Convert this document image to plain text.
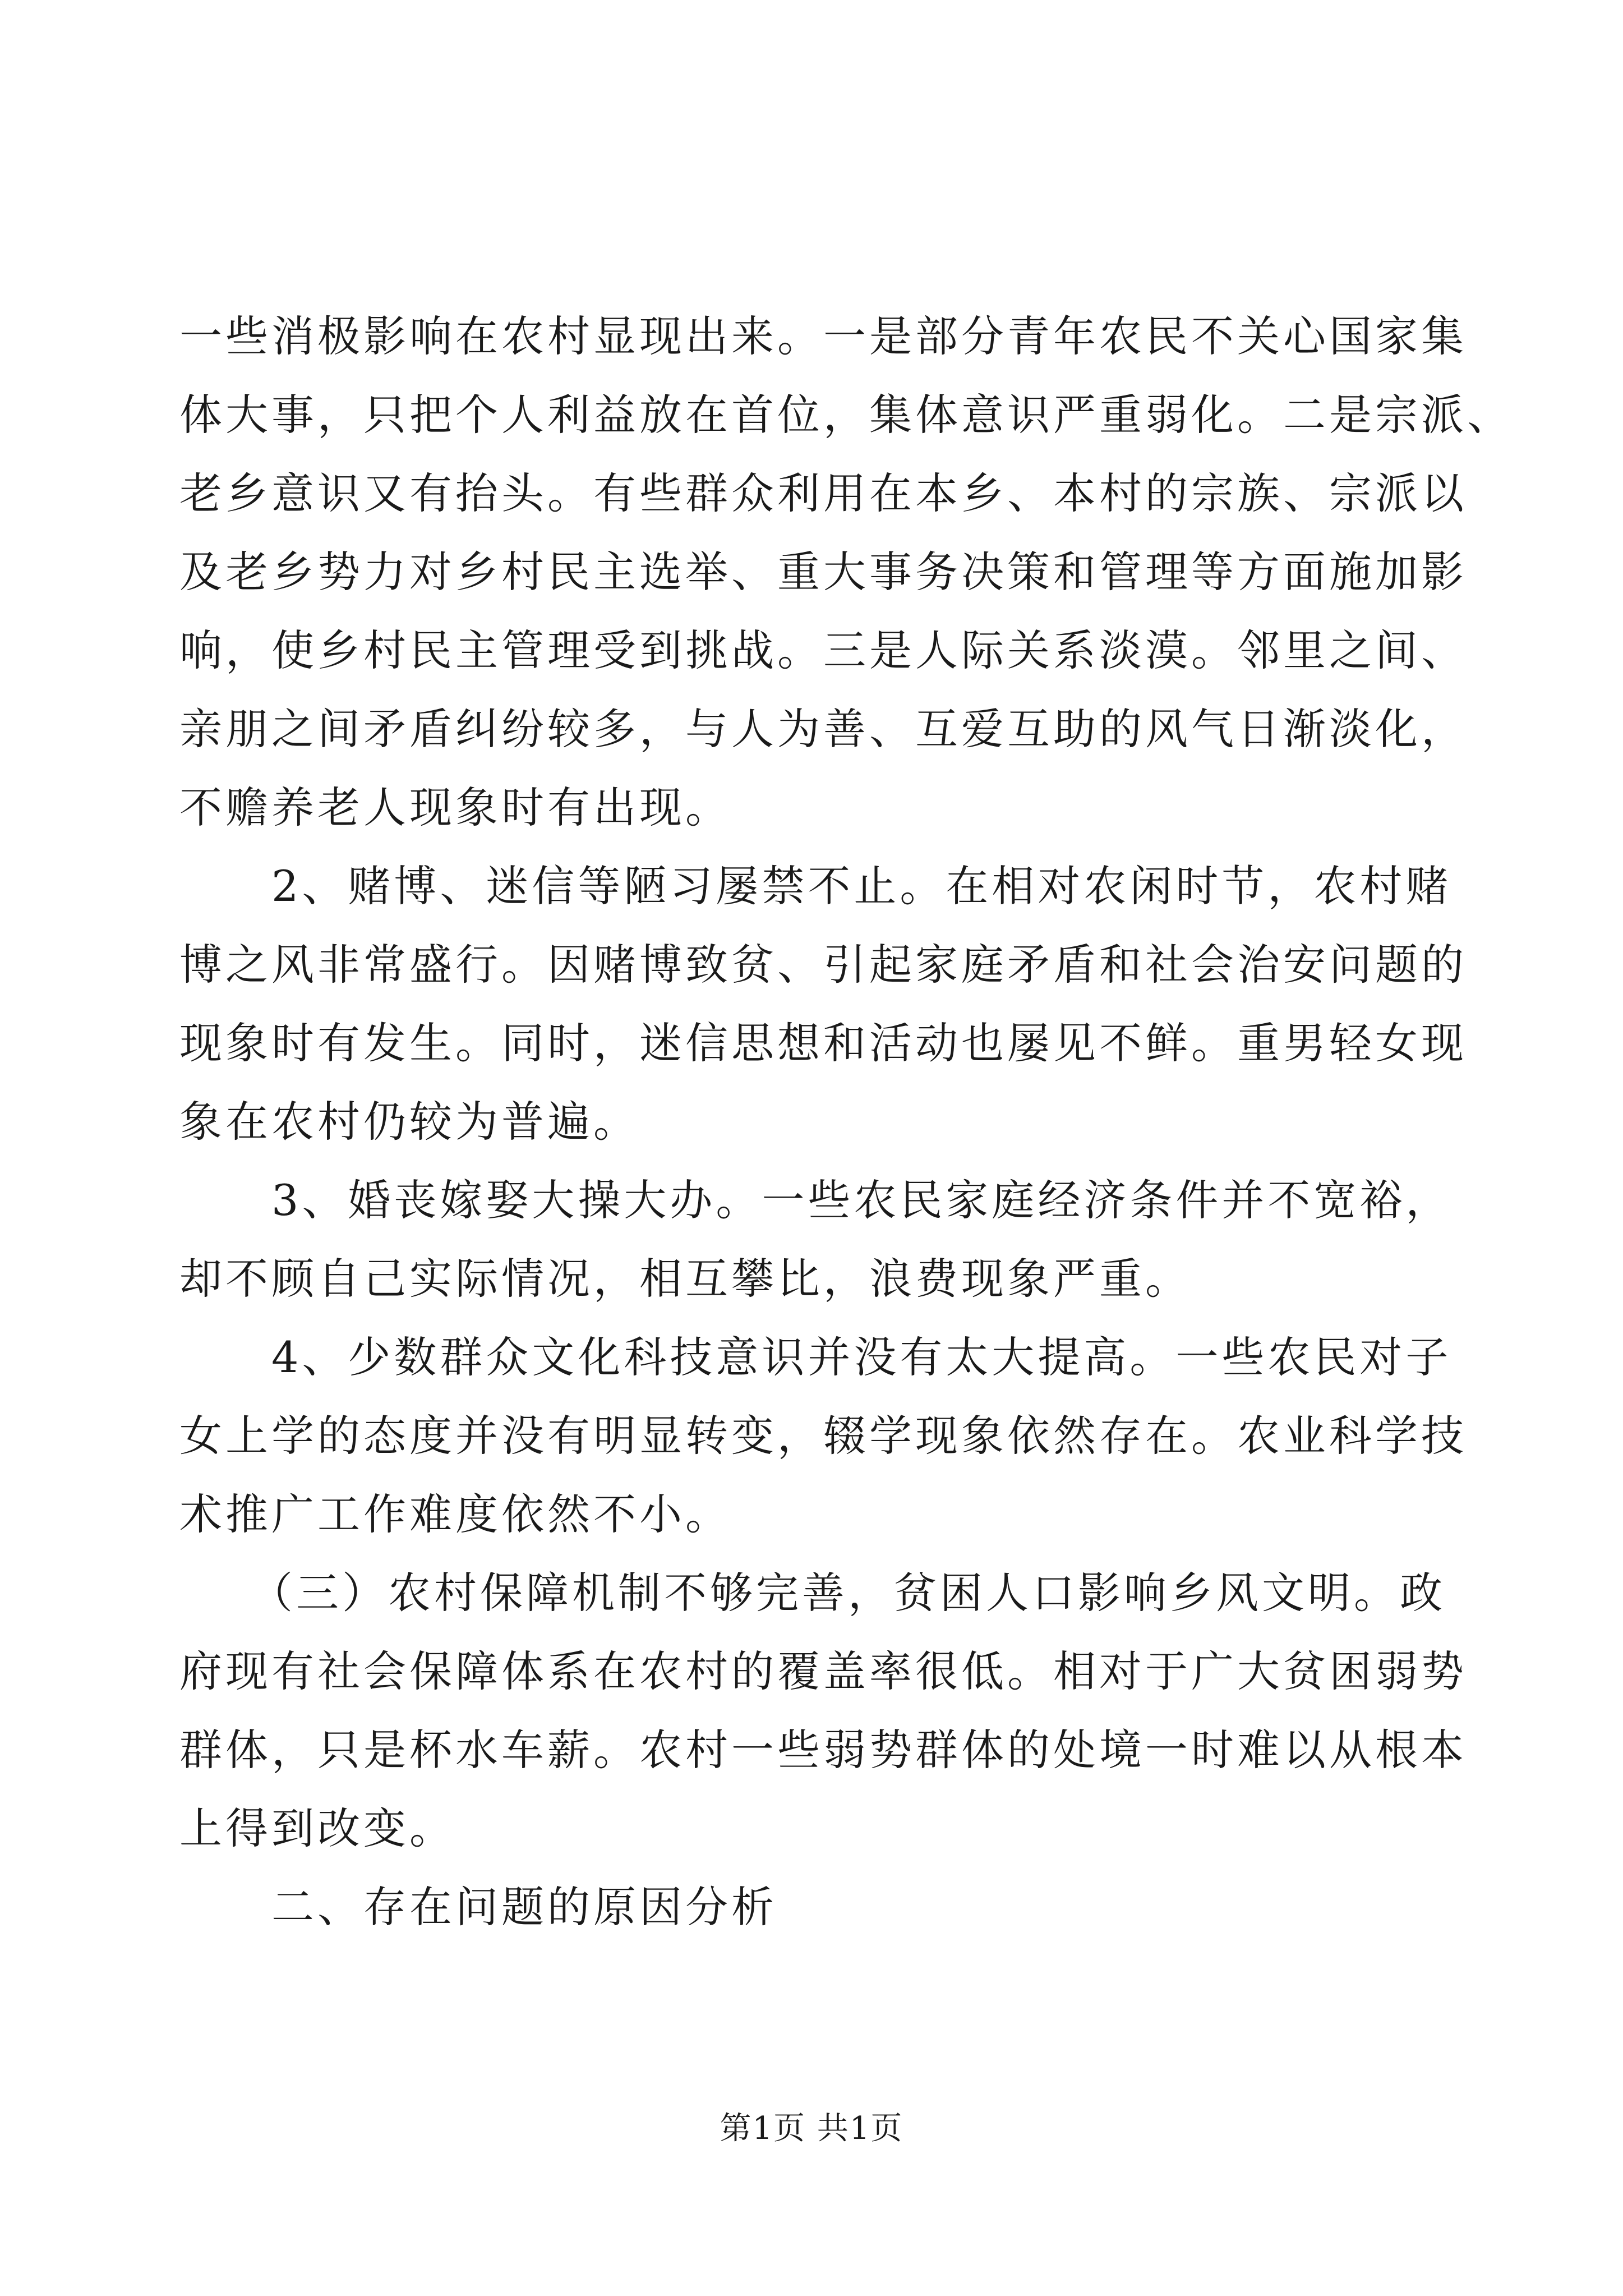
一些消极影响在农村显现出来。一是部分青年农民不关心国家集
体大事，只把个人利益放在首位，集体意识严重弱化。二是宗派、
老乡意识又有抬头。有些群众利用在本乡、本村的宗族、宗派以
及老乡势力对乡村民主选举、重大事务决策和管理等方面施加影
响，使乡村民主管理受到挑战。三是人际关系淡漠。邻里之间、
亲朋之间矛盾纠纷较多，与人为善、互爱互助的风气日渐淡化，
不赡养老人现象时有出现。
　　2、赌博、迷信等陋习屡禁不止。在相对农闲时节，农村赌
博之风非常盛行。因赌博致贫、引起家庭矛盾和社会治安问题的
现象时有发生。同时，迷信思想和活动也屡见不鲜。重男轻女现
象在农村仍较为普遍。
　　3、婚丧嫁娶大操大办。一些农民家庭经济条件并不宽裕，
却不顾自己实际情况，相互攀比，浪费现象严重。
　　4、少数群众文化科技意识并没有太大提高。一些农民对子
女上学的态度并没有明显转变，辍学现象依然存在。农业科学技
术推广工作难度依然不小。
　　（三）农村保障机制不够完善，贫困人口影响乡风文明。政
府现有社会保障体系在农村的覆盖率很低。相对于广大贫困弱势
群体，只是杯水车薪。农村一些弱势群体的处境一时难以从根本
上得到改变。
　　二、存在问题的原因分析
第1页 共1页
